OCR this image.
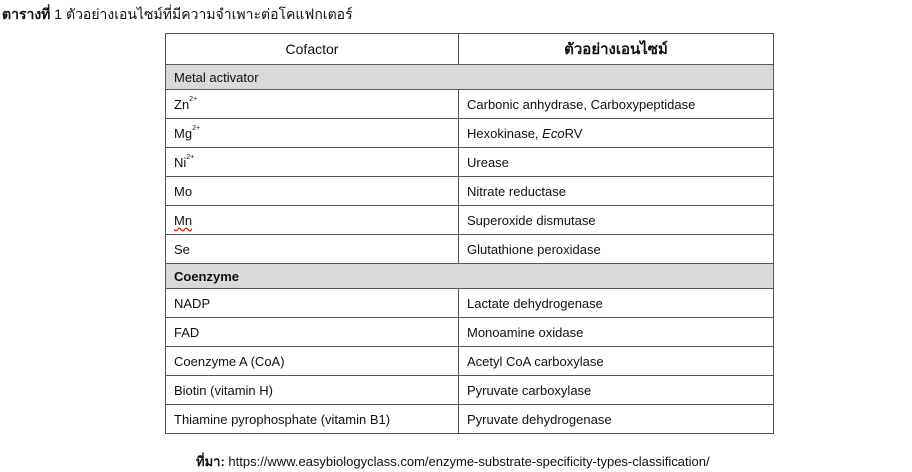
ตารางที่ 1 ตัวอย่างเอนไซม์ที่มีความจำเพาะต่อโคแฟกเตอร์
Cofactor	ตัวอย่างเอนไซม์
Metal activator	
$Zn^{2+}$	Carbonic anhydrase, Carboxypeptidase
$Mg^{2+}$	Hexokinase, EcoRV
$Ni^{2+}$	Urease
Mo	Nitrate reductase
Mn	Superoxide dismutase
Se	Glutathione peroxidase
Coenzyme	
NADP	Lactate dehydrogenase
FAD	Monoamine oxidase
Coenzyme A (CoA)	Acetyl CoA carboxylase
Biotin (vitamin H)	Pyruvate carboxylase
Thiamine pyrophosphate (vitamin B1)	Pyruvate dehydrogenase
ที่มา: https://www.easybiologyclass.com/enzyme-substrate-specificity-types-classification/
